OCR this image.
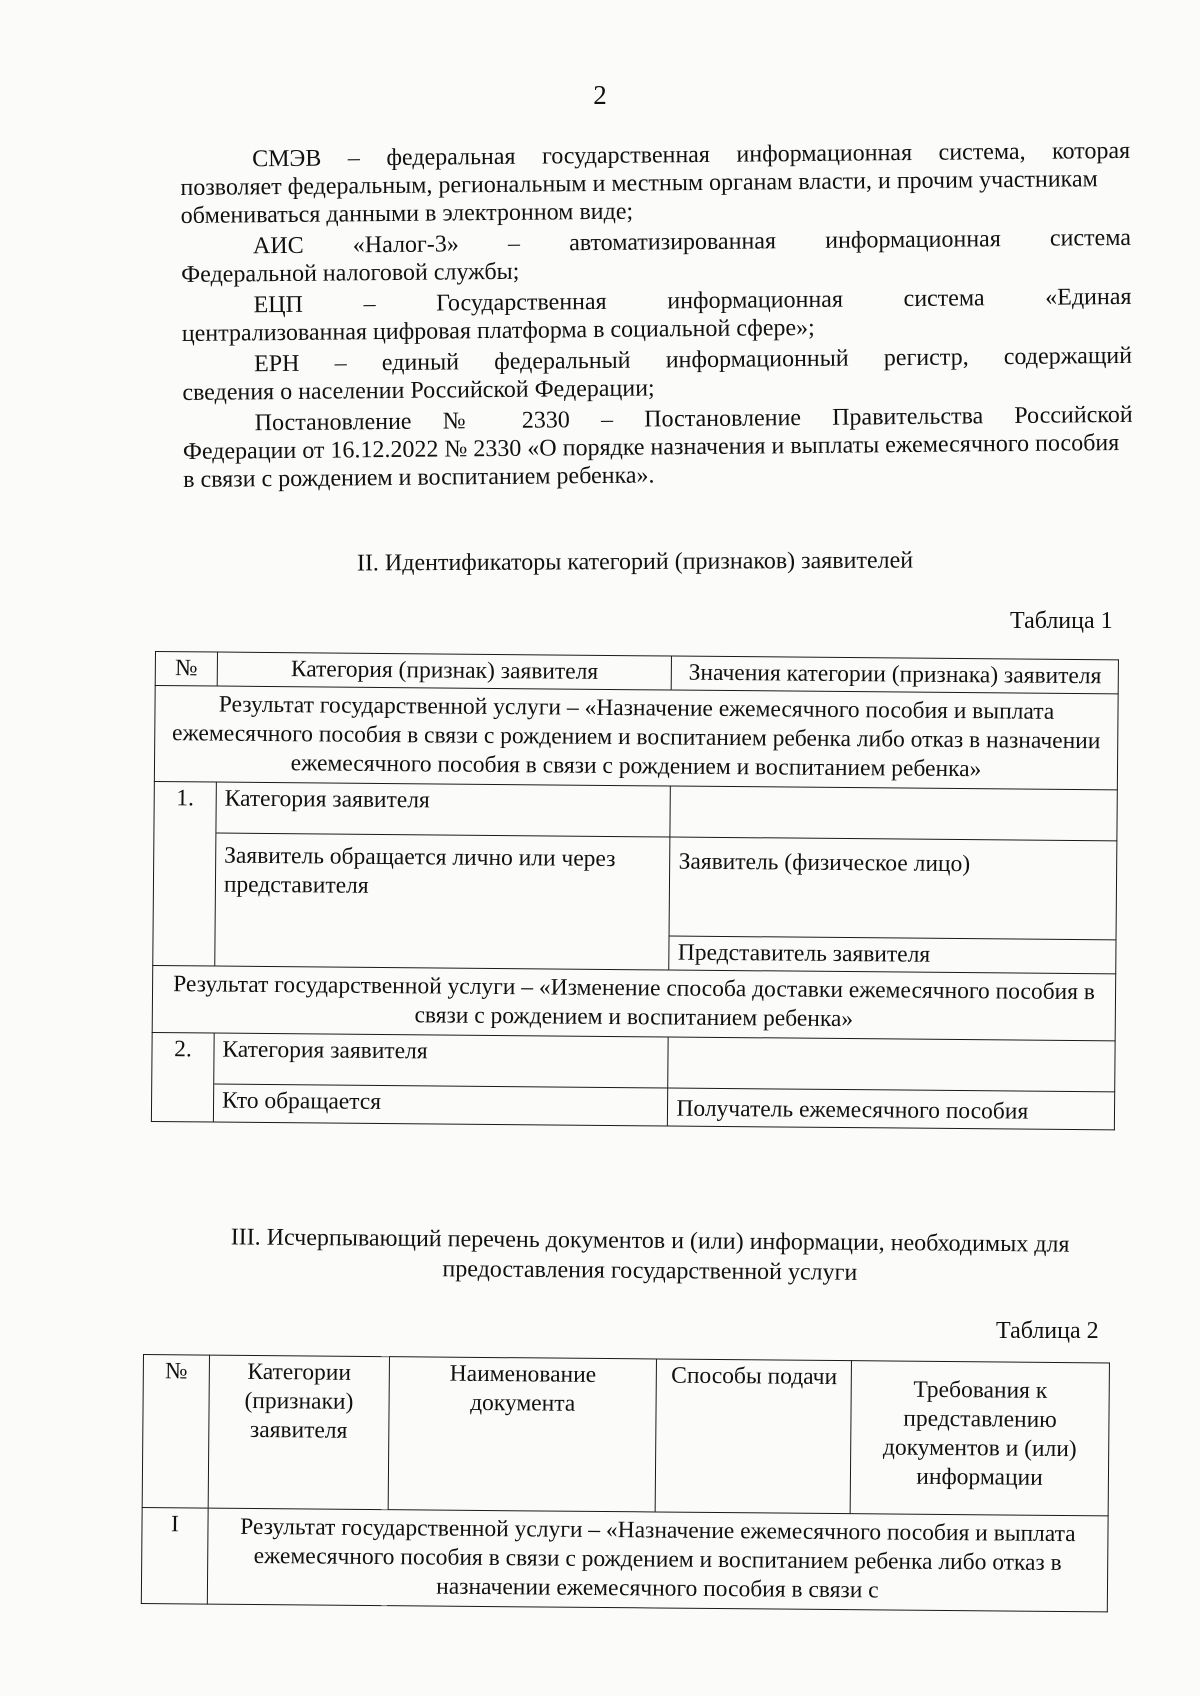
2

СМЭВ – федеральная государственная информационная система, которая

позволяет федеральным, региональным и местным органам власти, и прочим участникам обмениваться данными в электронном виде;

АИС «Налог-3» – автоматизированная информационная система

Федеральной налоговой службы;

ЕЦП – Государственная информационная система «Единая

централизованная цифровая платформа в социальной сфере»;

ЕРН – единый федеральный информационный регистр, содержащий

сведения о населении Российской Федерации;

Постановление № 2330 – Постановление Правительства Российской

Федерации от 16.12.2022 № 2330 «О порядке назначения и выплаты ежемесячного пособия в связи с рождением и воспитанием ребенка».

II. Идентификаторы категорий (признаков) заявителей
Таблица 1
№	Категория (признак) заявителя	Значения категории (признака) заявителя
Результат государственной услуги – «Назначение ежемесячного пособия и выплата ежемесячного пособия в связи с рождением и воспитанием ребенка либо отказ в назначении ежемесячного пособия в связи с рождением и воспитанием ребенка»		
1.	Категория заявителя	
	Заявитель обращается лично или через представителя	Заявитель (физическое лицо)
		Представитель заявителя
Результат государственной услуги – «Изменение способа доставки ежемесячного пособия в связи с рождением и воспитанием ребенка»		
2.	Категория заявителя	
	Кто обращается	Получатель ежемесячного пособия
III. Исчерпывающий перечень документов и (или) информации, необходимых для предоставления государственной услуги
Таблица 2
№	Категории (признаки) заявителя	Наименование документа	Способы подачи	Требования к представлению документов и (или) информации
I	Результат государственной услуги – «Назначение ежемесячного пособия и выплата ежемесячного пособия в связи с рождением и воспитанием ребенка либо отказ в назначении ежемесячного пособия в связи с			
